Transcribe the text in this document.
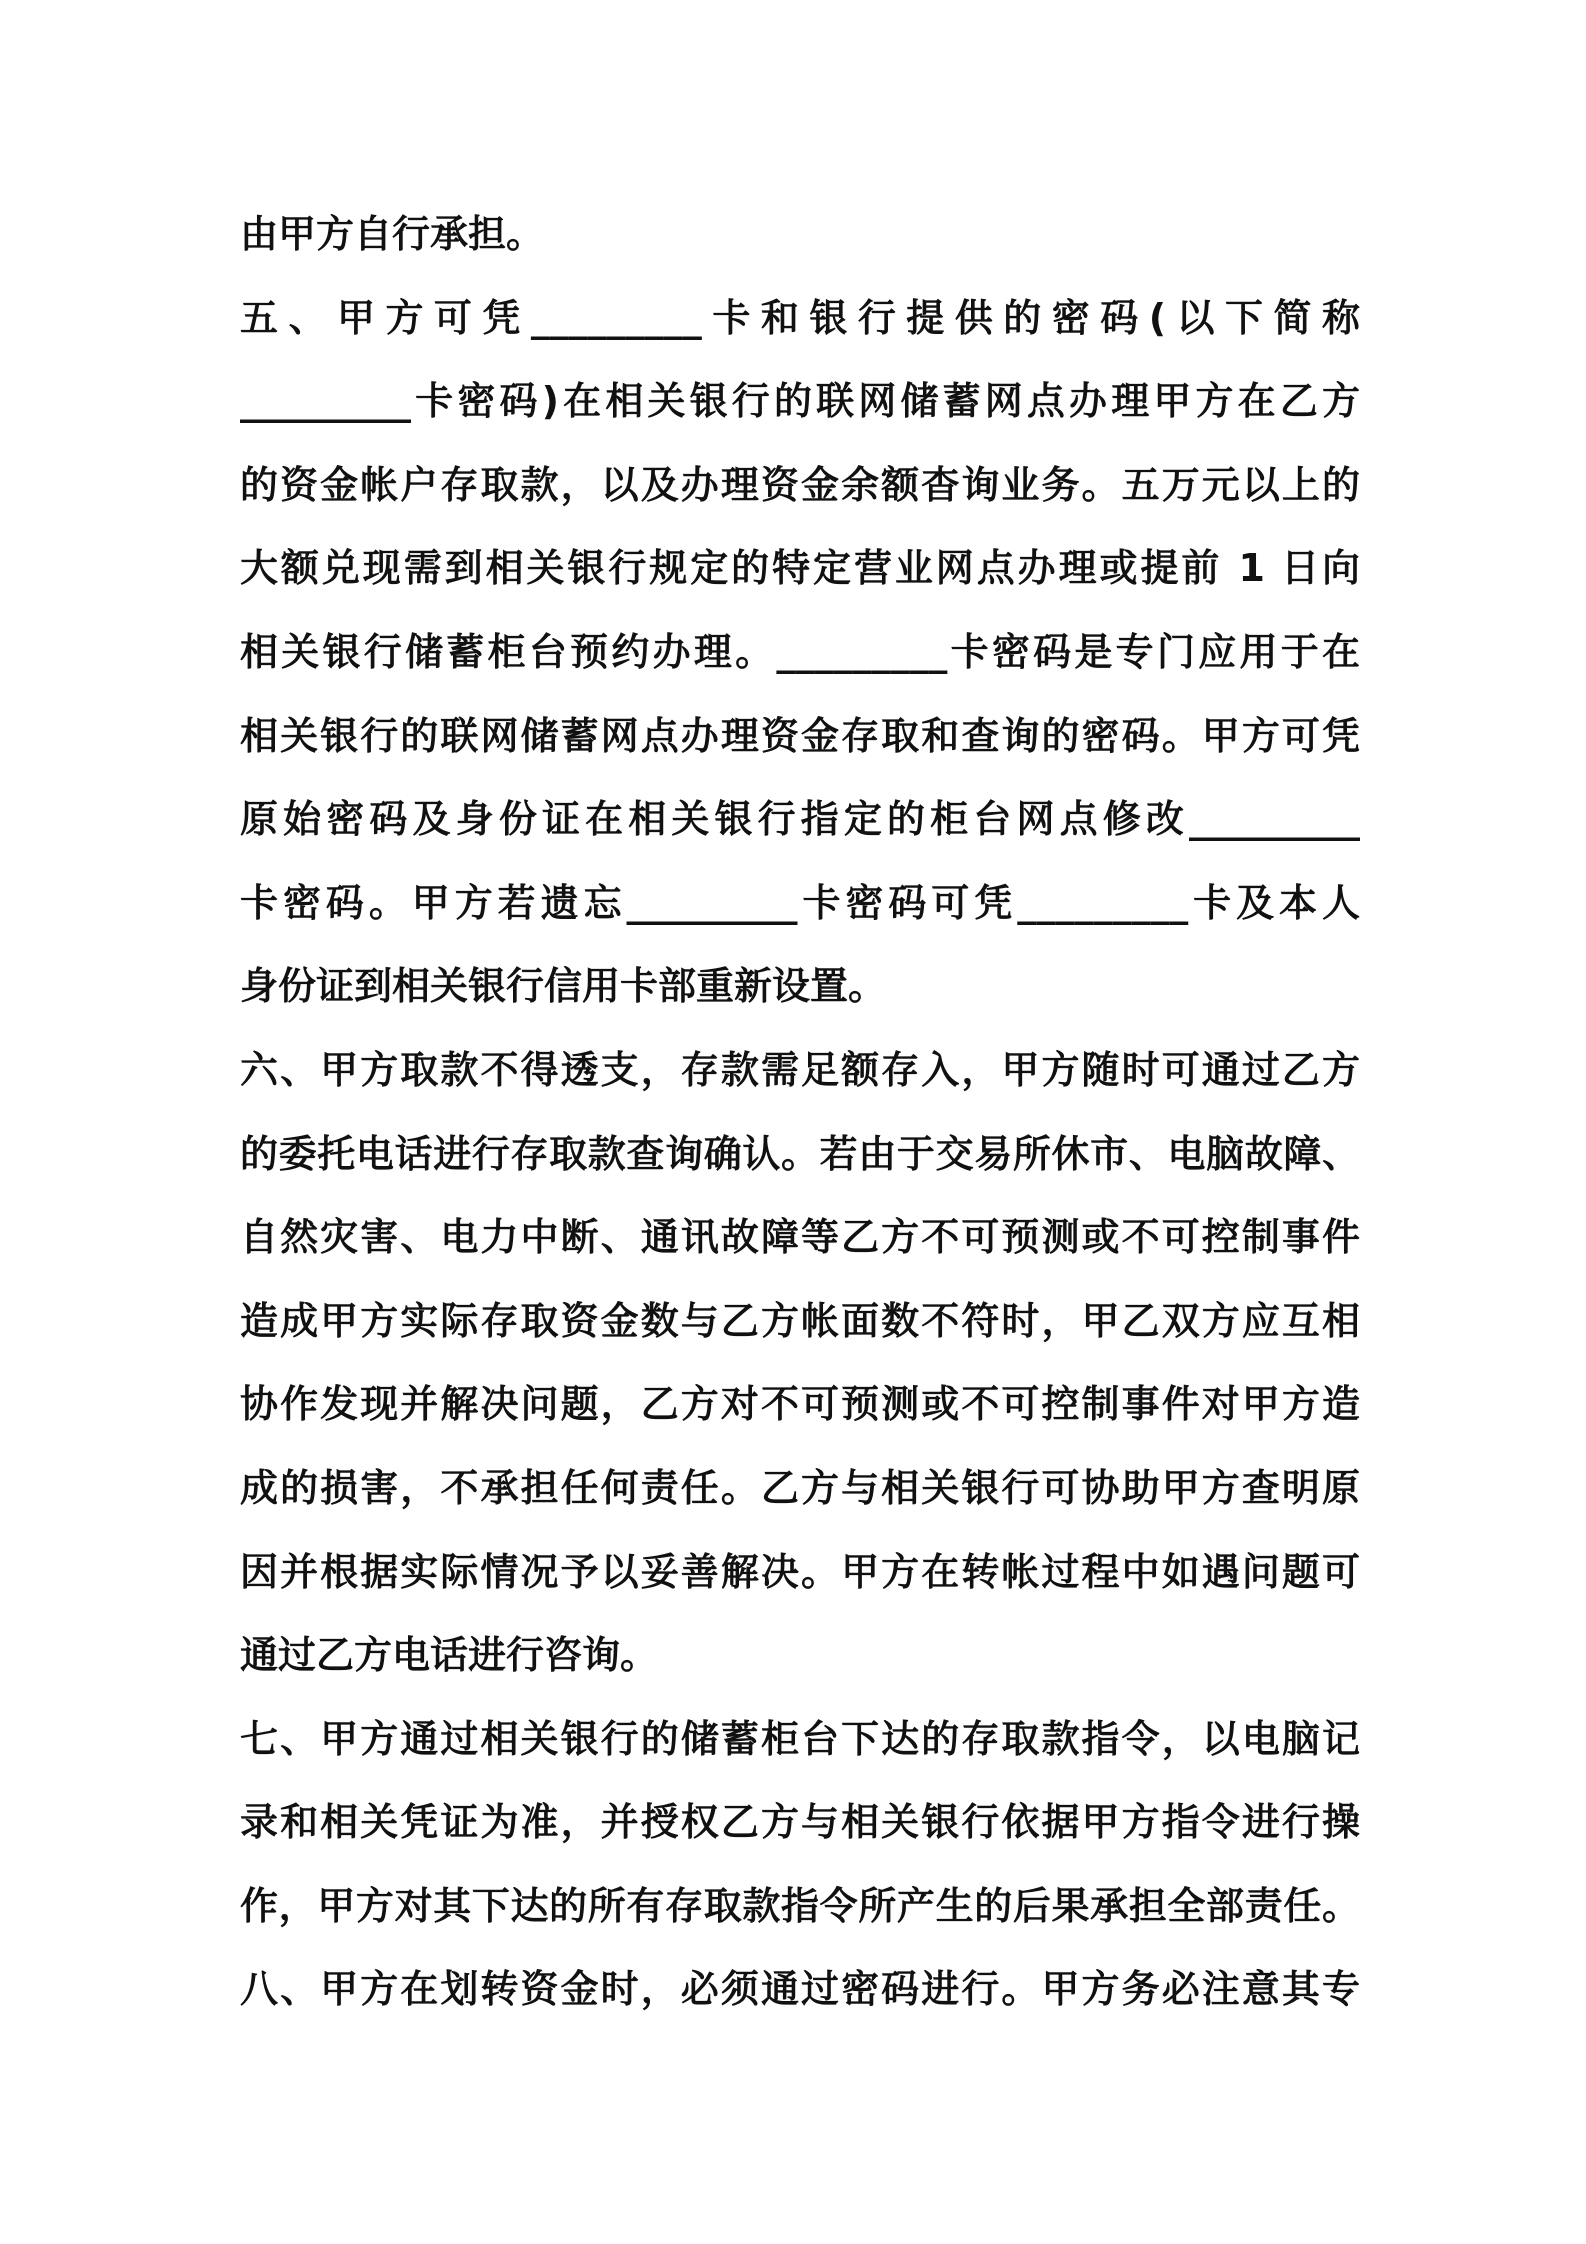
由甲方自行承担。
五、甲方可凭_________卡和银行提供的密码(以下简称
_________卡密码)在相关银行的联网储蓄网点办理甲方在乙方
的资金帐户存取款，以及办理资金余额杳询业务。五万元以上的
大额兑现需到相关银行规定的特定营业网点办理或提前 1 日向
相关银行储蓄柜台预约办理。_________卡密码是专门应用于在
相关银行的联网储蓄网点办理资金存取和查询的密码。甲方可凭
原始密码及身份证在相关银行指定的柜台网点修改_________
卡密码。甲方若遗忘_________卡密码可凭_________卡及本人
身份证到相关银行信用卡部重新设置。
六、甲方取款不得透支，存款需足额存入，甲方随时可通过乙方
的委托电话进行存取款查询确认。若由于交易所休市、电脑故障、
自然灾害、电力中断、通讯故障等乙方不可预测或不可控制事件
造成甲方实际存取资金数与乙方帐面数不符时，甲乙双方应互相
协作发现并解决问题，乙方对不可预测或不可控制事件对甲方造
成的损害，不承担任何责任。乙方与相关银行可协助甲方查明原
因并根据实际情况予以妥善解决。甲方在转帐过程中如遇问题可
通过乙方电话进行咨询。
七、甲方通过相关银行的储蓄柜台下达的存取款指令，以电脑记
录和相关凭证为准，并授权乙方与相关银行依据甲方指令进行操
作，甲方对其下达的所有存取款指令所产生的后果承担全部责任。
八、甲方在划转资金时，必须通过密码进行。甲方务必注意其专
